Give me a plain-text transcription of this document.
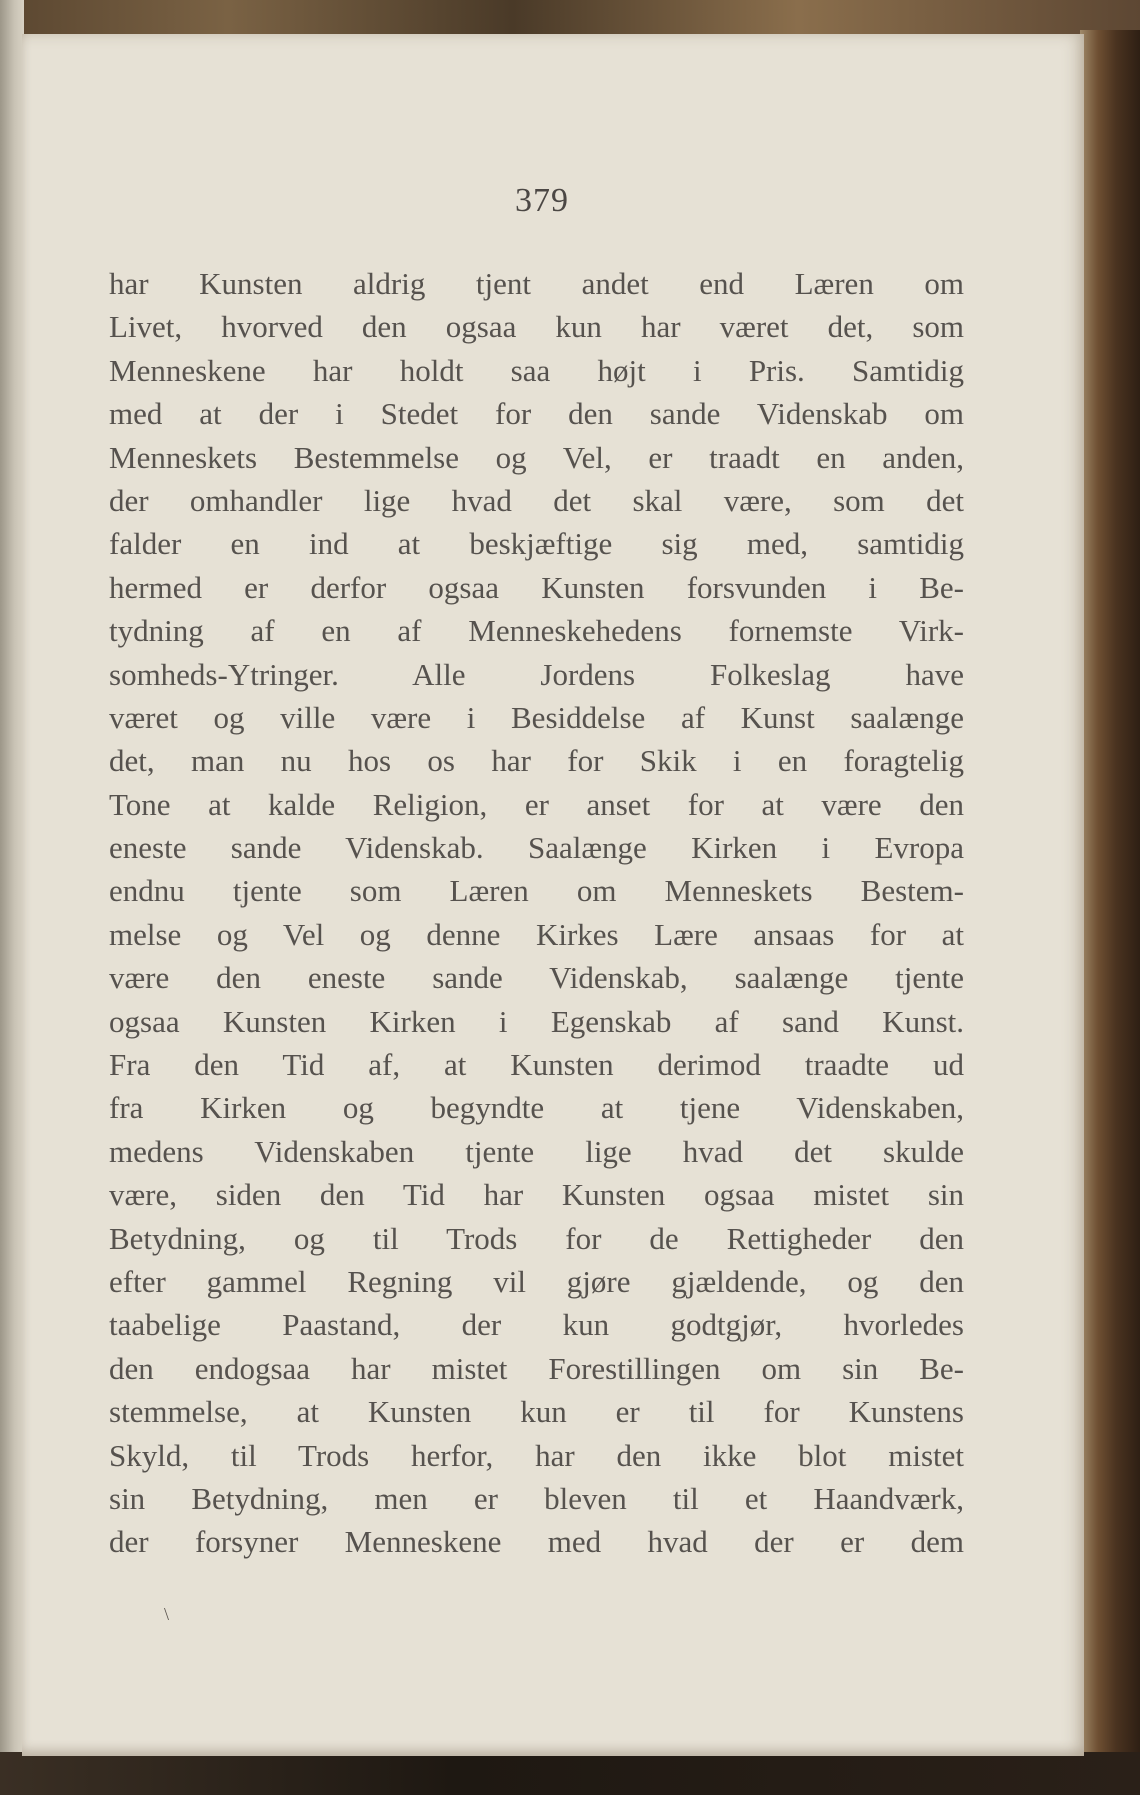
379
har Kunsten aldrig tjent andet end Læren om
Livet, hvorved den ogsaa kun har været det, som
Menneskene har holdt saa højt i Pris. Samtidig
med at der i Stedet for den sande Videnskab om
Menneskets Bestemmelse og Vel, er traadt en anden,
der omhandler lige hvad det skal være, som det
falder en ind at beskjæftige sig med, samtidig
hermed er derfor ogsaa Kunsten forsvunden i Be-
tydning af en af Menneskehedens fornemste Virk-
somheds-Ytringer. Alle Jordens Folkeslag have
været og ville være i Besiddelse af Kunst saalænge
det, man nu hos os har for Skik i en foragtelig
Tone at kalde Religion, er anset for at være den
eneste sande Videnskab. Saalænge Kirken i Evropa
endnu tjente som Læren om Menneskets Bestem-
melse og Vel og denne Kirkes Lære ansaas for at
være den eneste sande Videnskab, saalænge tjente
ogsaa Kunsten Kirken i Egenskab af sand Kunst.
Fra den Tid af, at Kunsten derimod traadte ud
fra Kirken og begyndte at tjene Videnskaben,
medens Videnskaben tjente lige hvad det skulde
være, siden den Tid har Kunsten ogsaa mistet sin
Betydning, og til Trods for de Rettigheder den
efter gammel Regning vil gjøre gjældende, og den
taabelige Paastand, der kun godtgjør, hvorledes
den endogsaa har mistet Forestillingen om sin Be-
stemmelse, at Kunsten kun er til for Kunstens
Skyld, til Trods herfor, har den ikke blot mistet
sin Betydning, men er bleven til et Haandværk,
der forsyner Menneskene med hvad der er dem
\
